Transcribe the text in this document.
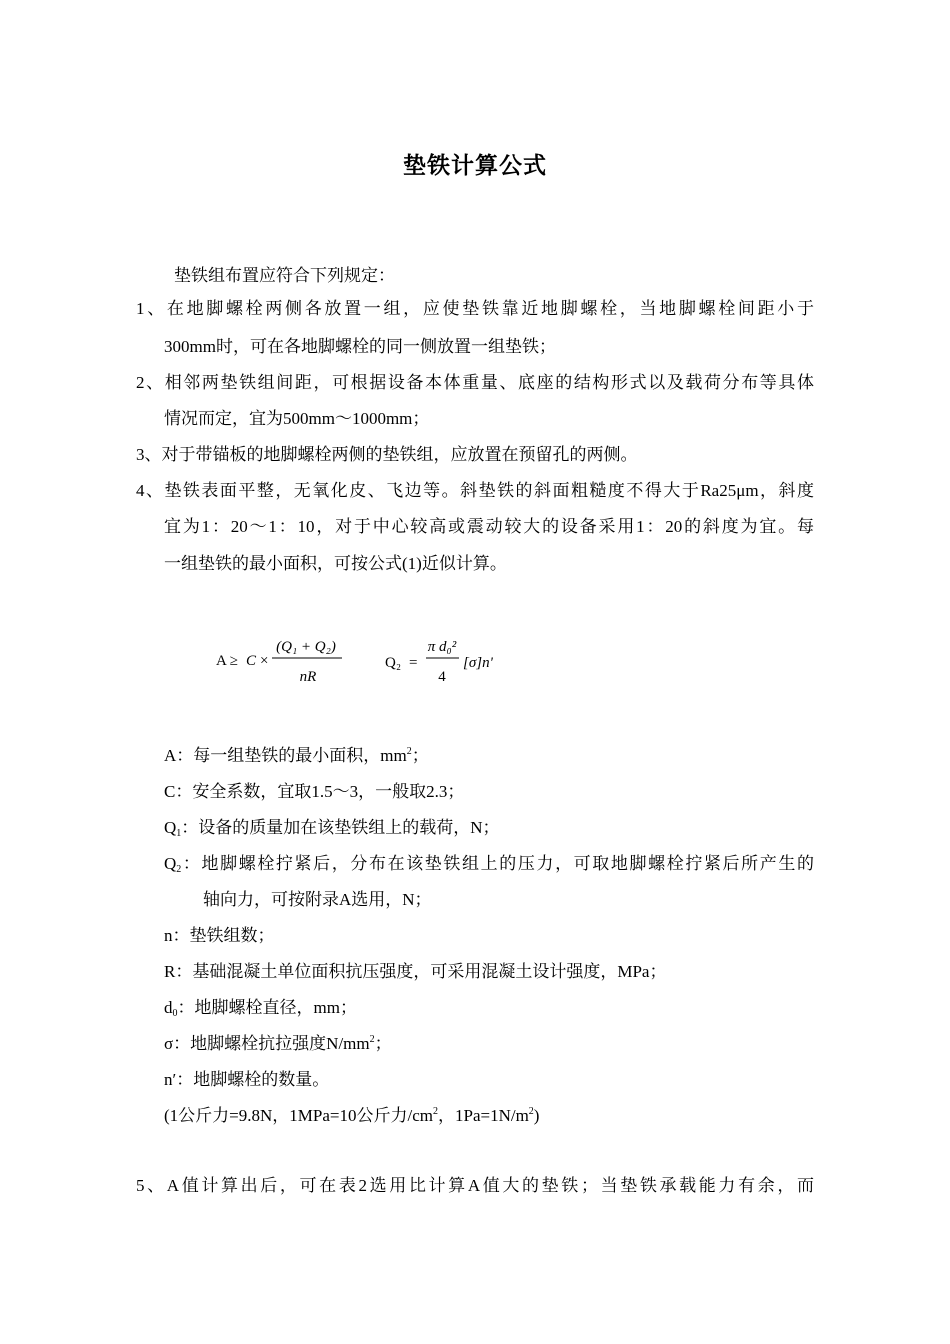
垫铁计算公式
垫铁组布置应符合下列规定：
1、在地脚螺栓两侧各放置一组，应使垫铁靠近地脚螺栓，当地脚螺栓间距小于
300mm时，可在各地脚螺栓的同一侧放置一组垫铁；
2、相邻两垫铁组间距，可根据设备本体重量、底座的结构形式以及载荷分布等具体
情况而定，宜为500mm～1000mm；
3、对于带锚板的地脚螺栓两侧的垫铁组，应放置在预留孔的两侧。
4、垫铁表面平整，无氧化皮、飞边等。斜垫铁的斜面粗糙度不得大于Ra25μm，斜度
宜为1：20～1：10，对于中心较高或震动较大的设备采用1：20的斜度为宜。每
一组垫铁的最小面积，可按公式(1)近似计算。
A ≥ C ×
(Q₁ + Q₂)
nR
Q₂ =
π d₀²
4
[σ]n'
A：每一组垫铁的最小面积，$mm^2$；
C：安全系数，宜取1.5～3，一般取2.3；
$Q_1$：设备的质量加在该垫铁组上的载荷，N；
$Q_2$：地脚螺栓拧紧后，分布在该垫铁组上的压力，可取地脚螺栓拧紧后所产生的
轴向力，可按附录A选用，N；
n：垫铁组数；
R：基础混凝土单位面积抗压强度，可采用混凝土设计强度，MPa；
$d_0$：地脚螺栓直径，mm；
σ：地脚螺栓抗拉强度$N/mm^2$；
n′：地脚螺栓的数量。
(1公斤力=9.8N，1MPa=10公斤力$/cm^2$，$1Pa=1N/m^2$)
5、A值计算出后，可在表2选用比计算A值大的垫铁；当垫铁承载能力有余，而
